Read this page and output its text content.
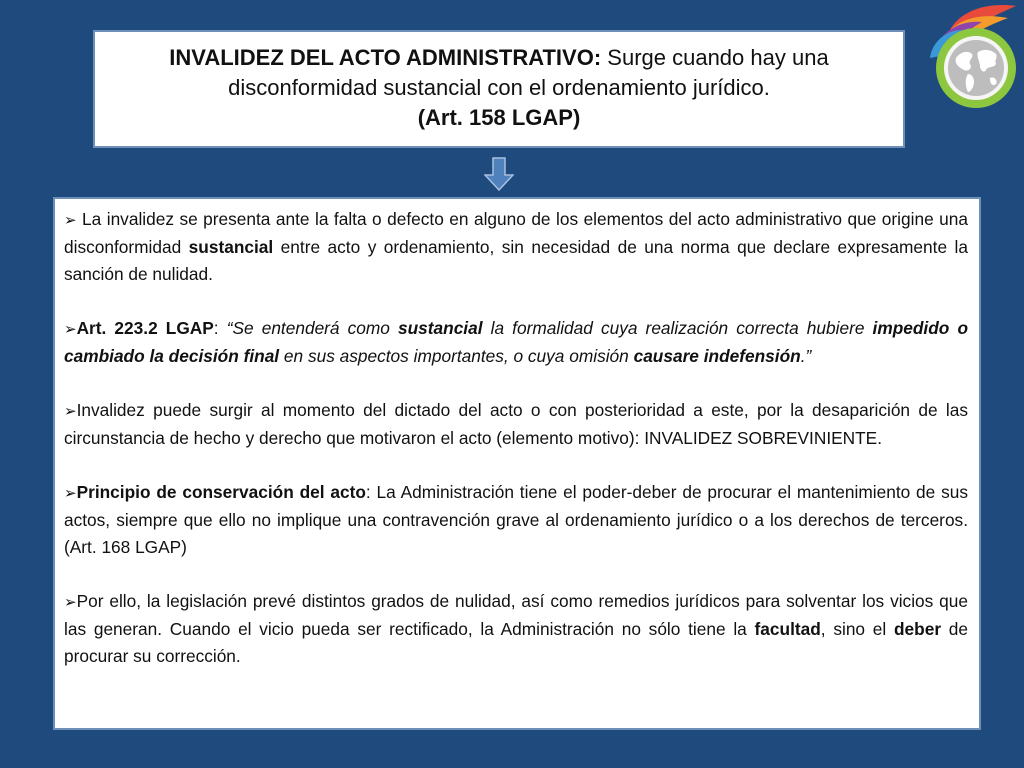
INVALIDEZ DEL ACTO ADMINISTRATIVO: Surge cuando hay una disconformidad sustancial con el ordenamiento jurídico.
(Art. 158 LGAP)

➢ La invalidez se presenta ante la falta o defecto en alguno de los elementos del acto administrativo que origine una disconformidad sustancial entre acto y ordenamiento, sin necesidad de una norma que declare expresamente la sanción de nulidad.

➢Art. 223.2 LGAP: “Se entenderá como sustancial la formalidad cuya realización correcta hubiere impedido o cambiado la decisión final en sus aspectos importantes, o cuya omisión causare indefensión.”

➢Invalidez puede surgir al momento del dictado del acto o con posterioridad a este, por la desaparición de las circunstancia de hecho y derecho que motivaron el acto (elemento motivo): INVALIDEZ SOBREVINIENTE.

➢Principio de conservación del acto: La Administración tiene el poder-deber de procurar el mantenimiento de sus actos, siempre que ello no implique una contravención grave al ordenamiento jurídico o a los derechos de terceros. (Art. 168 LGAP)

➢Por ello, la legislación prevé distintos grados de nulidad, así como remedios jurídicos para solventar los vicios que las generan. Cuando el vicio pueda ser rectificado, la Administración no sólo tiene la facultad, sino el deber de procurar su corrección.
